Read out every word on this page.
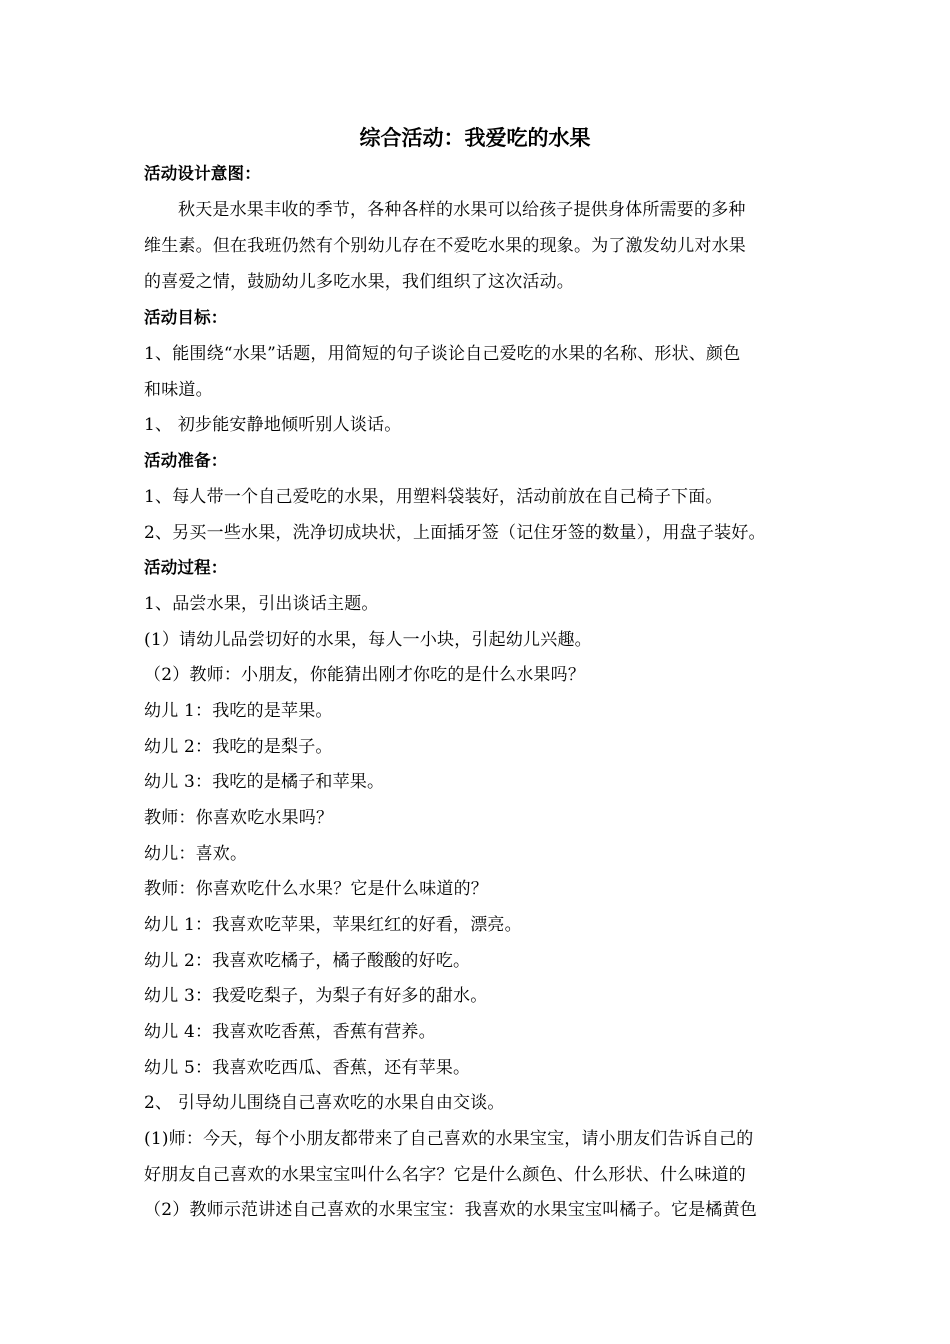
综合活动：我爱吃的水果
活动设计意图：
秋天是水果丰收的季节，各种各样的水果可以给孩子提供身体所需要的多种
维生素。但在我班仍然有个别幼儿存在不爱吃水果的现象。为了激发幼儿对水果
的喜爱之情，鼓励幼儿多吃水果，我们组织了这次活动。
活动目标：
1、能围绕“水果”话题，用简短的句子谈论自己爱吃的水果的名称、形状、颜色
和味道。
1、 初步能安静地倾听别人谈话。
活动准备：
1、每人带一个自己爱吃的水果，用塑料袋装好，活动前放在自己椅子下面。
2、另买一些水果，洗净切成块状，上面插牙签（记住牙签的数量），用盘子装好。
活动过程：
1、品尝水果，引出谈话主题。
(1）请幼儿品尝切好的水果，每人一小块，引起幼儿兴趣。
（2）教师：小朋友，你能猜出刚才你吃的是什么水果吗？
幼儿 1：我吃的是苹果。
幼儿 2：我吃的是梨子。
幼儿 3：我吃的是橘子和苹果。
教师：你喜欢吃水果吗？
幼儿：喜欢。
教师：你喜欢吃什么水果？它是什么味道的？
幼儿 1：我喜欢吃苹果，苹果红红的好看，漂亮。
幼儿 2：我喜欢吃橘子，橘子酸酸的好吃。
幼儿 3：我爱吃梨子，为梨子有好多的甜水。
幼儿 4：我喜欢吃香蕉，香蕉有营养。
幼儿 5：我喜欢吃西瓜、香蕉，还有苹果。
2、 引导幼儿围绕自己喜欢吃的水果自由交谈。
(1)师：今天，每个小朋友都带来了自己喜欢的水果宝宝，请小朋友们告诉自己的
好朋友自己喜欢的水果宝宝叫什么名字？它是什么颜色、什么形状、什么味道的
（2）教师示范讲述自己喜欢的水果宝宝：我喜欢的水果宝宝叫橘子。它是橘黄色
